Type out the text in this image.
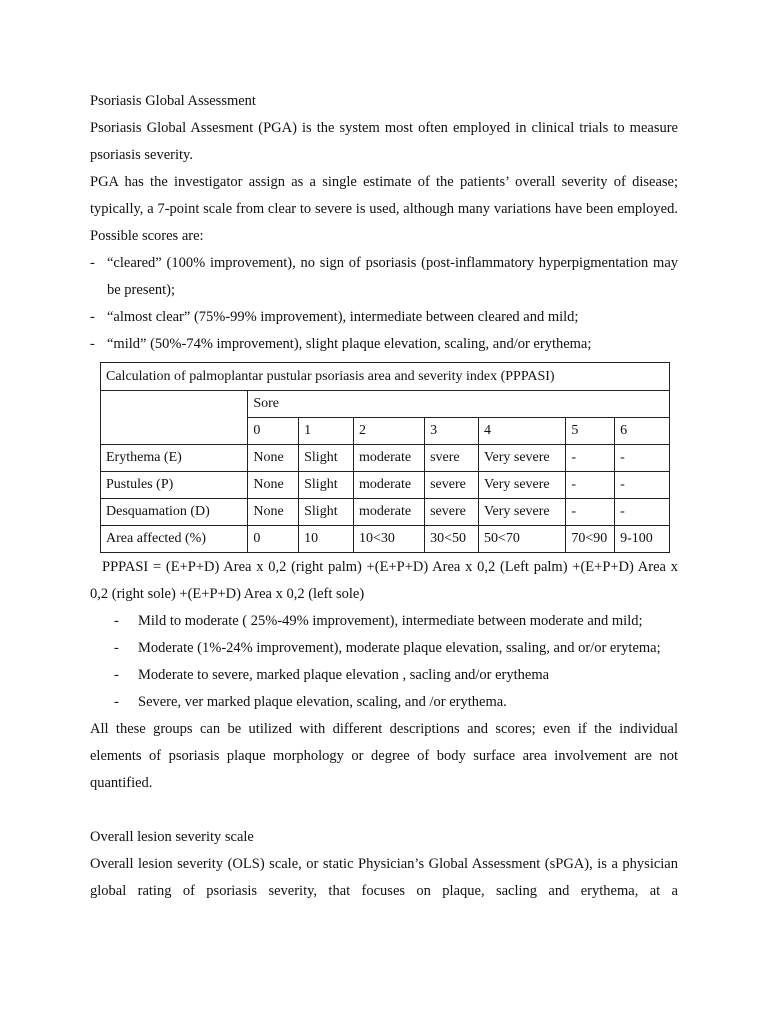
Psoriasis Global Assessment

Psoriasis Global Assesment (PGA) is the system most often employed in clinical trials to measure psoriasis severity.

PGA has the investigator assign as a single estimate of the patients’ overall severity of disease; typically, a 7-point scale from clear to severe is used, although many variations have been employed. Possible scores are:

- “cleared” (100% improvement), no sign of psoriasis (post-inflammatory hyperpigmentation may be present);
- “almost clear” (75%-99% improvement), intermediate between cleared and mild;
- “mild” (50%-74% improvement), slight plaque elevation, scaling, and/or erythema;
Calculation of palmoplantar pustular psoriasis area and severity index (PPPASI)							
	Sore						
	0	1	2	3	4	5	6
Erythema (E)	None	Slight	moderate	svere	Very severe	-	-
Pustules (P)	None	Slight	moderate	severe	Very severe	-	-
Desquamation (D)	None	Slight	moderate	severe	Very severe	-	-
Area affected (%)	0	10	10<30	30<50	50<70	70<90	9-100

PPPASI = (E+P+D) Area x 0,2 (right palm) +(E+P+D) Area x 0,2 (Left palm) +(E+P+D) Area x 0,2 (right sole) +(E+P+D) Area x 0,2 (left sole)

-	Mild to moderate ( 25%-49% improvement), intermediate between moderate and mild;
-	Moderate (1%-24% improvement), moderate plaque elevation, ssaling, and or/or erytema;
-	Moderate to severe, marked plaque elevation , sacling and/or erythema
-	Severe, ver marked plaque elevation, scaling, and /or erythema.

All these groups can be utilized with different descriptions and scores; even if the individual elements of psoriasis plaque morphology or degree of body surface area involvement are not quantified.

Overall lesion severity scale

Overall lesion severity (OLS) scale, or static Physician’s Global Assessment (sPGA), is a physician global rating of psoriasis severity, that focuses on plaque, sacling and erythema, at a
